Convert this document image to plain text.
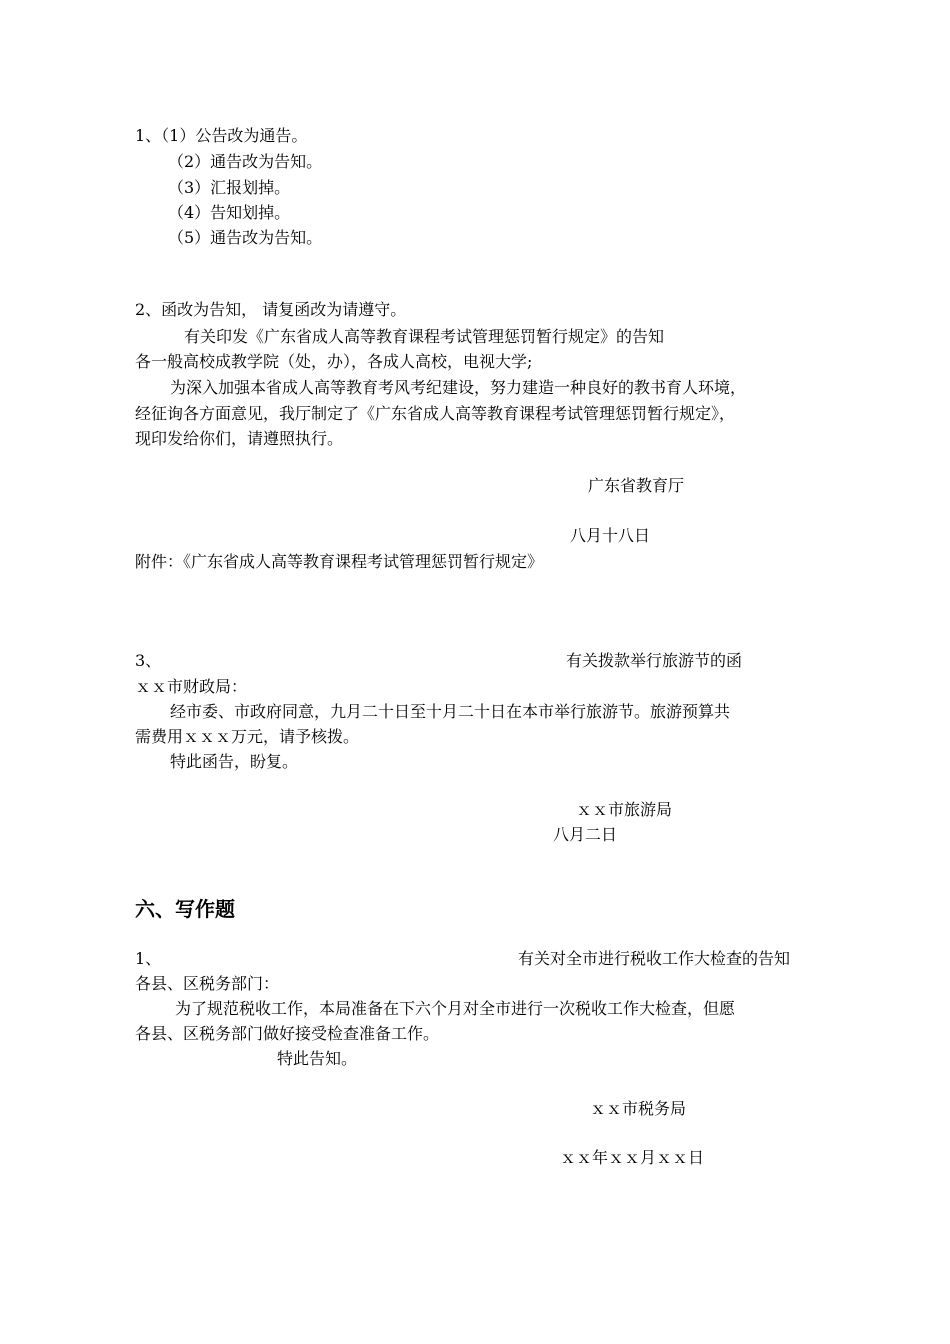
1、（1）公告改为通告。
（2）通告改为告知。
（3）汇报划掉。
（4）告知划掉。
（5）通告改为告知。
2、函改为告知， 请复函改为请遵守。
有关印发《广东省成人高等教育课程考试管理惩罚暂行规定》的告知
各一般高校成教学院（处，办），各成人高校，电视大学;
为深入加强本省成人高等教育考风考纪建设，努力建造一种良好的教书育人环境，
经征询各方面意见，我厅制定了《广东省成人高等教育课程考试管理惩罚暂行规定》，
现印发给你们，请遵照执行。
广东省教育厅
八月十八日
附件：《广东省成人高等教育课程考试管理惩罚暂行规定》
3、	有关拨款举行旅游节的函
ｘｘ市财政局：
经市委、市政府同意，九月二十日至十月二十日在本市举行旅游节。旅游预算共
需费用ｘｘｘ万元，请予核拨。
特此函告，盼复。
ｘｘ市旅游局
八月二日
六、写作题
1、	有关对全市进行税收工作大检查的告知
各县、区税务部门：
为了规范税收工作，本局准备在下六个月对全市进行一次税收工作大检查，但愿
各县、区税务部门做好接受检查准备工作。
特此告知。
ｘｘ市税务局
ｘｘ年ｘｘ月ｘｘ日
